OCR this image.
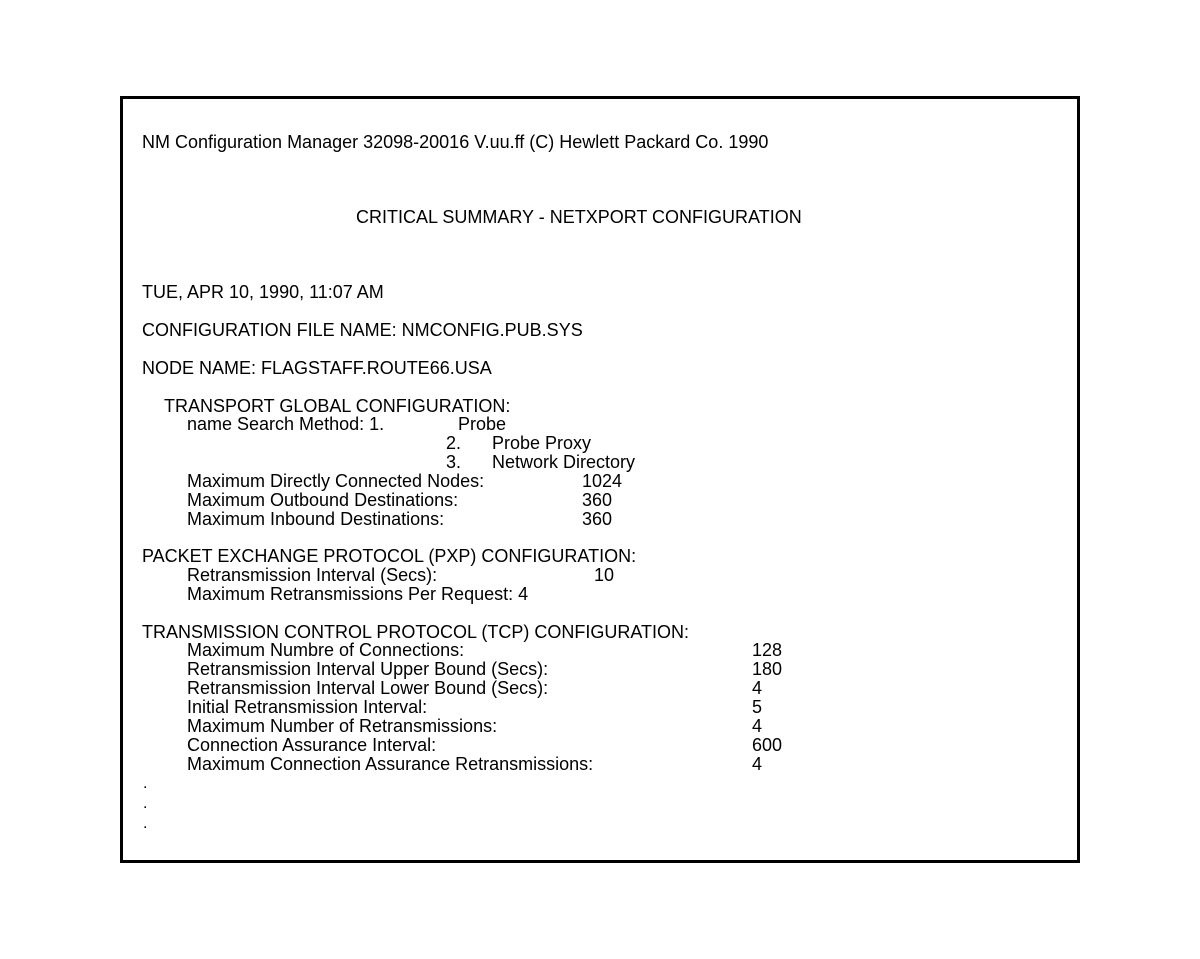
NM Configuration Manager 32098-20016 V.uu.ff (C) Hewlett Packard Co. 1990
CRITICAL SUMMARY - NETXPORT CONFIGURATION
TUE, APR 10, 1990, 11:07 AM
CONFIGURATION FILE NAME: NMCONFIG.PUB.SYS
NODE NAME: FLAGSTAFF.ROUTE66.USA
TRANSPORT GLOBAL CONFIGURATION:
name Search Method: 1.	Probe
2. Probe Proxy
3. Network Directory
Maximum Directly Connected Nodes:	1024
Maximum Outbound Destinations:	360
Maximum Inbound Destinations:	360
PACKET EXCHANGE PROTOCOL (PXP) CONFIGURATION:
Retransmission Interval (Secs):	10
Maximum Retransmissions Per Request: 4
TRANSMISSION CONTROL PROTOCOL (TCP) CONFIGURATION:
Maximum Numbre of Connections:	128
Retransmission Interval Upper Bound (Secs):	180
Retransmission Interval Lower Bound (Secs):	4
Initial Retransmission Interval:	5
Maximum Number of Retransmissions:	4
Connection Assurance Interval:	600
Maximum Connection Assurance Retransmissions:	4
.
.
.
